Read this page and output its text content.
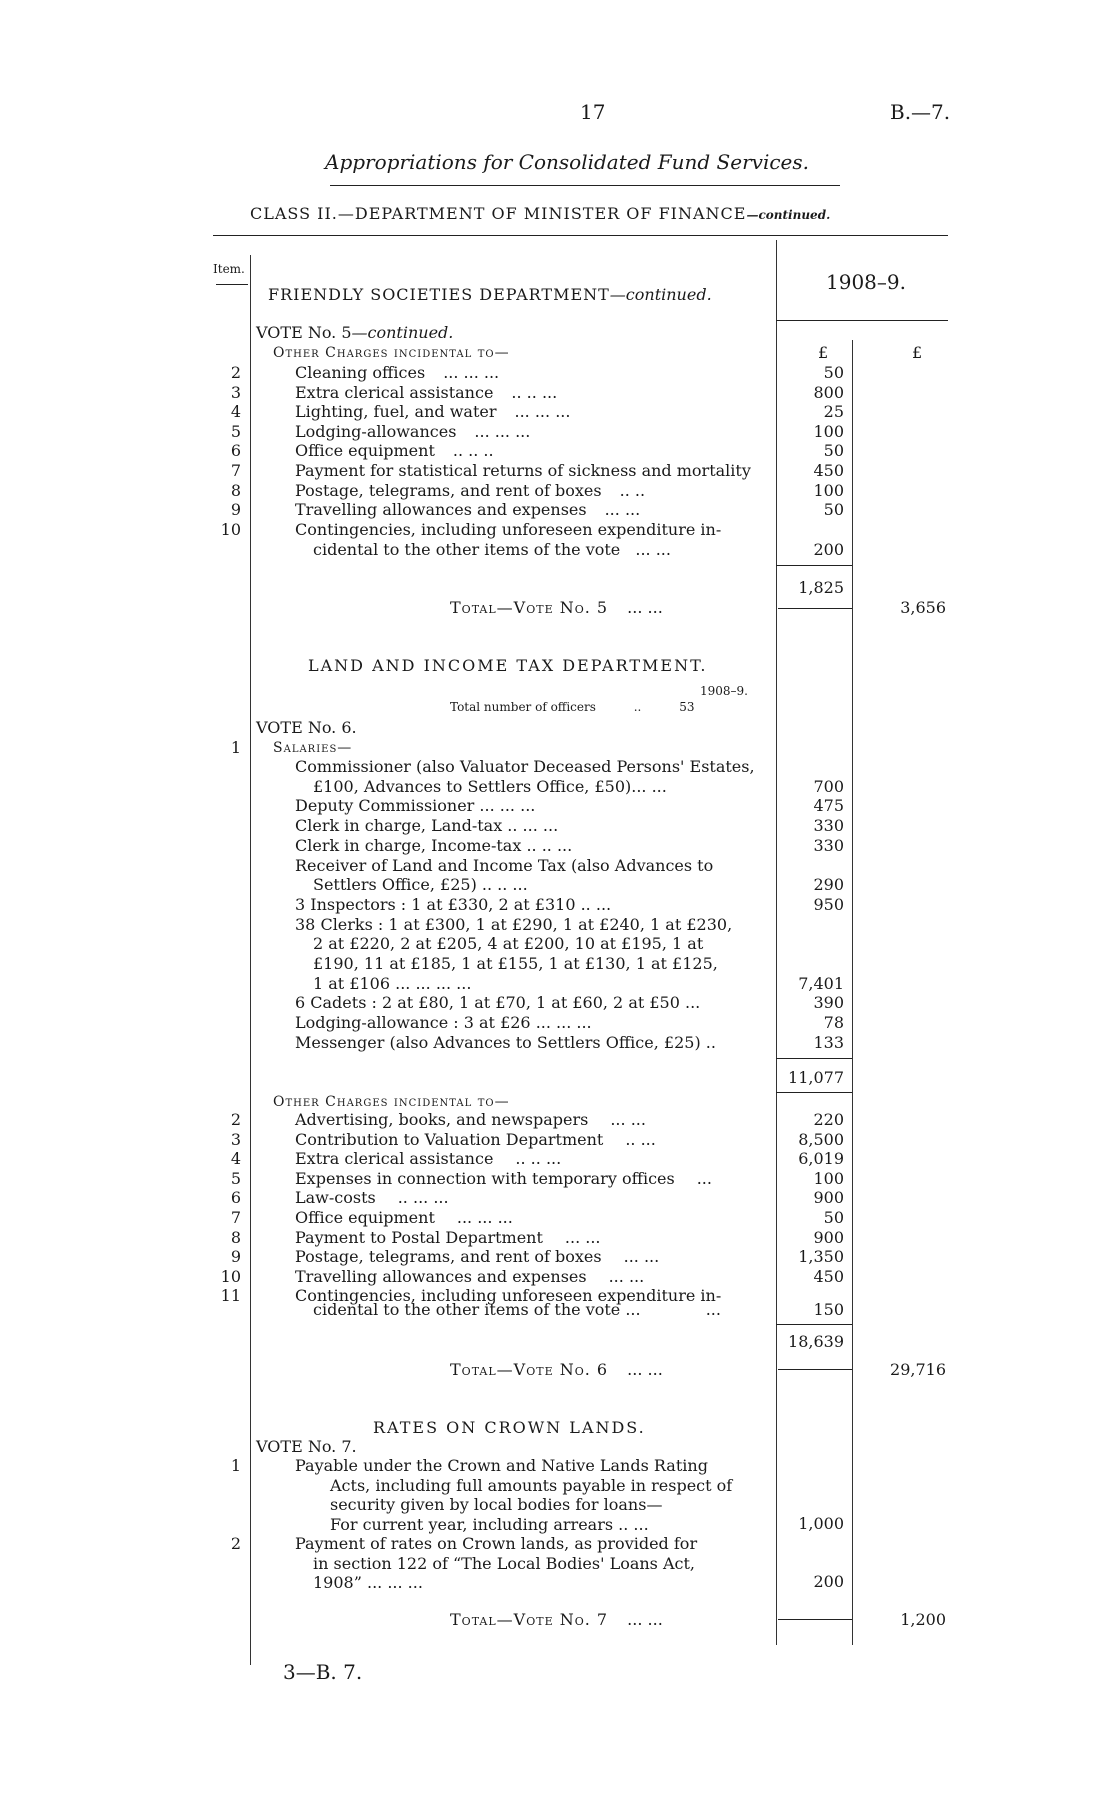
17	B.—7.
Appropriations for Consolidated Fund Services.
CLASS II.—DEPARTMENT OF MINISTER OF FINANCE—continued.
Item.
FRIENDLY SOCIETIES DEPARTMENT—continued.
1908–9.
VOTE No. 5—continued.
Other Charges incidental to—	£	£
2	Cleaning offices ... ... ...	50
3	Extra clerical assistance .. .. ...	800
4	Lighting, fuel, and water ... ... ...	25
5	Lodging-allowances ... ... ...	100
6	Office equipment .. .. ..	50
7	Payment for statistical returns of sickness and mortality	450
8	Postage, telegrams, and rent of boxes .. ..	100
9	Travelling allowances and expenses ... ...	50
10	Contingencies, including unforeseen expenditure in-
cidental to the other items of the vote ... ...	200
1,825
Total—Vote No. 5 ... ...	3,656
LAND AND INCOME TAX DEPARTMENT.
1908–9.
Total number of officers	..	53
VOTE No. 6.
1 Salaries—
Commissioner (also Valuator Deceased Persons' Estates,
£100, Advances to Settlers Office, £50)... ...	700
Deputy Commissioner ... ... ...	475
Clerk in charge, Land-tax .. ... ...	330
Clerk in charge, Income-tax .. .. ...	330
Receiver of Land and Income Tax (also Advances to
Settlers Office, £25) .. .. ...	290
3 Inspectors : 1 at £330, 2 at £310 .. ...	950
38 Clerks : 1 at £300, 1 at £290, 1 at £240, 1 at £230,
2 at £220, 2 at £205, 4 at £200, 10 at £195, 1 at
£190, 11 at £185, 1 at £155, 1 at £130, 1 at £125,
1 at £106 ... ... ... ...	7,401
6 Cadets : 2 at £80, 1 at £70, 1 at £60, 2 at £50 ...	390
Lodging-allowance : 3 at £26 ... ... ...	78
Messenger (also Advances to Settlers Office, £25) ..	133
11,077
Other Charges incidental to—
2	Advertising, books, and newspapers ... ...	220
3	Contribution to Valuation Department .. ...	8,500
4	Extra clerical assistance .. .. ...	6,019
5	Expenses in connection with temporary offices ...	100
6	Law-costs .. ... ...	900
7	Office equipment ... ... ...	50
8	Payment to Postal Department ... ...	900
9	Postage, telegrams, and rent of boxes ... ...	1,350
10	Travelling allowances and expenses ... ...	450
11	Contingencies, including unforeseen expenditure in-
cidental to the other items of the vote ...	...	150
18,639
Total—Vote No. 6 ... ...	29,716
RATES ON CROWN LANDS.
VOTE No. 7.
1	Payable under the Crown and Native Lands Rating
Acts, including full amounts payable in respect of
security given by local bodies for loans—
For current year, including arrears .. ...	1,000
2	Payment of rates on Crown lands, as provided for
in section 122 of “The Local Bodies' Loans Act,
1908” ... ... ...	200
Total—Vote No. 7 ... ...	1,200
3—B. 7.
